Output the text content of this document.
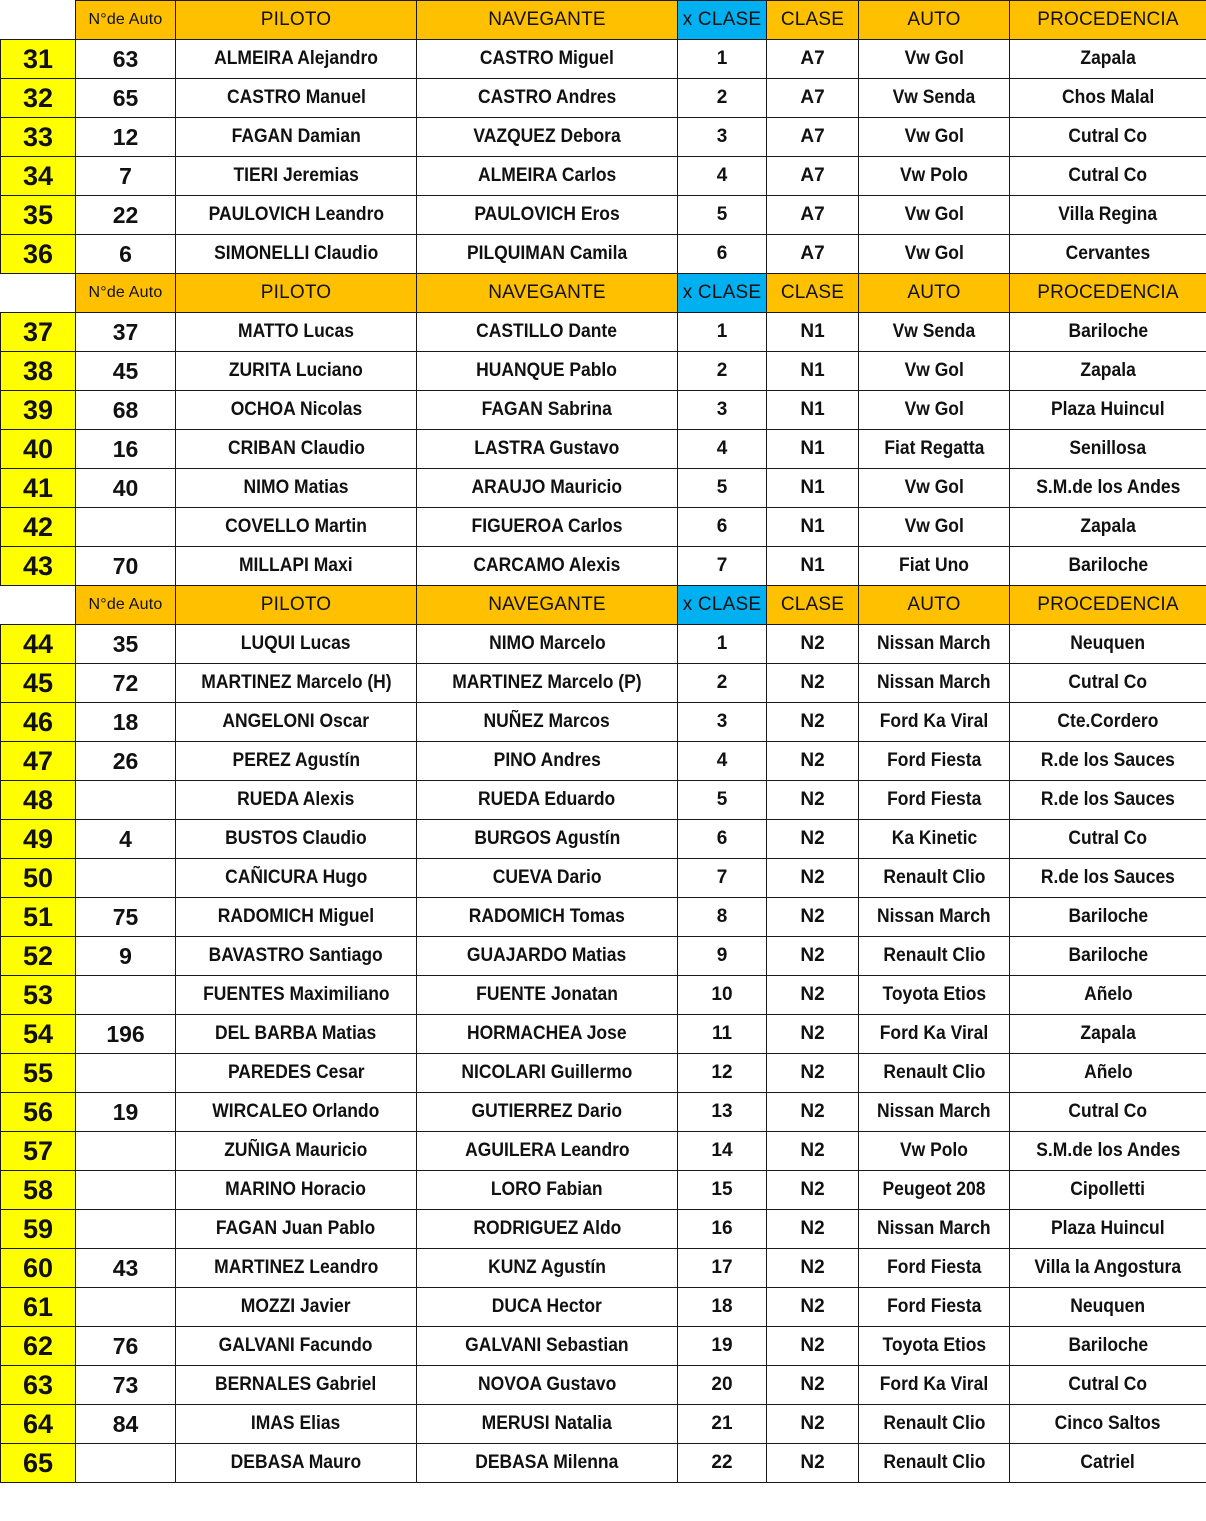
	N°de Auto	PILOTO	NAVEGANTE	x CLASE	CLASE	AUTO	PROCEDENCIA
31	63	ALMEIRA Alejandro	CASTRO Miguel	1	A7	Vw Gol	Zapala
32	65	CASTRO Manuel	CASTRO Andres	2	A7	Vw Senda	Chos Malal
33	12	FAGAN Damian	VAZQUEZ Debora	3	A7	Vw Gol	Cutral Co
34	7	TIERI Jeremias	ALMEIRA Carlos	4	A7	Vw Polo	Cutral Co
35	22	PAULOVICH Leandro	PAULOVICH Eros	5	A7	Vw Gol	Villa Regina
36	6	SIMONELLI Claudio	PILQUIMAN Camila	6	A7	Vw Gol	Cervantes
	N°de Auto	PILOTO	NAVEGANTE	x CLASE	CLASE	AUTO	PROCEDENCIA
37	37	MATTO Lucas	CASTILLO Dante	1	N1	Vw Senda	Bariloche
38	45	ZURITA Luciano	HUANQUE Pablo	2	N1	Vw Gol	Zapala
39	68	OCHOA Nicolas	FAGAN Sabrina	3	N1	Vw Gol	Plaza Huincul
40	16	CRIBAN Claudio	LASTRA Gustavo	4	N1	Fiat Regatta	Senillosa
41	40	NIMO Matias	ARAUJO Mauricio	5	N1	Vw Gol	S.M.de los Andes
42		COVELLO Martin	FIGUEROA Carlos	6	N1	Vw Gol	Zapala
43	70	MILLAPI Maxi	CARCAMO Alexis	7	N1	Fiat Uno	Bariloche
	N°de Auto	PILOTO	NAVEGANTE	x CLASE	CLASE	AUTO	PROCEDENCIA
44	35	LUQUI Lucas	NIMO Marcelo	1	N2	Nissan March	Neuquen
45	72	MARTINEZ Marcelo (H)	MARTINEZ Marcelo (P)	2	N2	Nissan March	Cutral Co
46	18	ANGELONI Oscar	NUÑEZ Marcos	3	N2	Ford Ka Viral	Cte.Cordero
47	26	PEREZ Agustín	PINO Andres	4	N2	Ford Fiesta	R.de los Sauces
48		RUEDA Alexis	RUEDA Eduardo	5	N2	Ford Fiesta	R.de los Sauces
49	4	BUSTOS Claudio	BURGOS Agustín	6	N2	Ka Kinetic	Cutral Co
50		CAÑICURA Hugo	CUEVA Dario	7	N2	Renault Clio	R.de los Sauces
51	75	RADOMICH Miguel	RADOMICH Tomas	8	N2	Nissan March	Bariloche
52	9	BAVASTRO Santiago	GUAJARDO Matias	9	N2	Renault Clio	Bariloche
53		FUENTES Maximiliano	FUENTE Jonatan	10	N2	Toyota Etios	Añelo
54	196	DEL BARBA Matias	HORMACHEA Jose	11	N2	Ford Ka Viral	Zapala
55		PAREDES Cesar	NICOLARI Guillermo	12	N2	Renault Clio	Añelo
56	19	WIRCALEO Orlando	GUTIERREZ Dario	13	N2	Nissan March	Cutral Co
57		ZUÑIGA Mauricio	AGUILERA Leandro	14	N2	Vw Polo	S.M.de los Andes
58		MARINO Horacio	LORO Fabian	15	N2	Peugeot 208	Cipolletti
59		FAGAN Juan Pablo	RODRIGUEZ Aldo	16	N2	Nissan March	Plaza Huincul
60	43	MARTINEZ Leandro	KUNZ Agustín	17	N2	Ford Fiesta	Villa la Angostura
61		MOZZI Javier	DUCA Hector	18	N2	Ford Fiesta	Neuquen
62	76	GALVANI Facundo	GALVANI Sebastian	19	N2	Toyota Etios	Bariloche
63	73	BERNALES Gabriel	NOVOA Gustavo	20	N2	Ford Ka Viral	Cutral Co
64	84	IMAS Elias	MERUSI Natalia	21	N2	Renault Clio	Cinco Saltos
65		DEBASA Mauro	DEBASA Milenna	22	N2	Renault Clio	Catriel
